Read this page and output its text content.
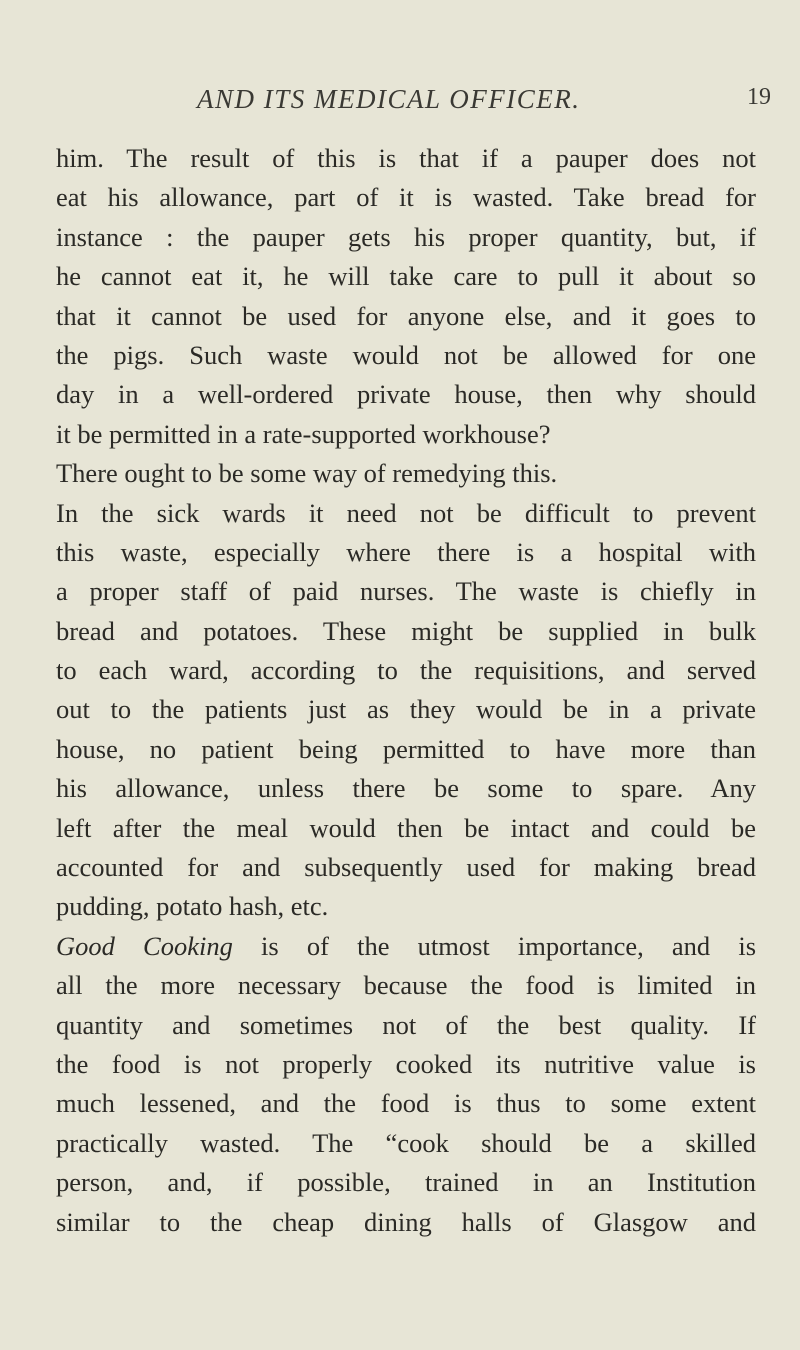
AND ITS MEDICAL OFFICER.	19
him. The result of this is that if a pauper does not
eat his allowance, part of it is wasted. Take bread for
instance : the pauper gets his proper quantity, but, if
he cannot eat it, he will take care to pull it about so
that it cannot be used for anyone else, and it goes to
the pigs. Such waste would not be allowed for one
day in a well-ordered private house, then why should
it be permitted in a rate-supported workhouse?
There ought to be some way of remedying this.
In the sick wards it need not be difficult to prevent
this waste, especially where there is a hospital with
a proper staff of paid nurses. The waste is chiefly in
bread and potatoes. These might be supplied in bulk
to each ward, according to the requisitions, and served
out to the patients just as they would be in a private
house, no patient being permitted to have more than
his allowance, unless there be some to spare. Any
left after the meal would then be intact and could be
accounted for and subsequently used for making bread
pudding, potato hash, etc.
Good Cooking is of the utmost importance, and is
all the more necessary because the food is limited in
quantity and sometimes not of the best quality. If
the food is not properly cooked its nutritive value is
much lessened, and the food is thus to some extent
practically wasted. The “cook should be a skilled
person, and, if possible, trained in an Institution
similar to the cheap dining halls of Glasgow and
